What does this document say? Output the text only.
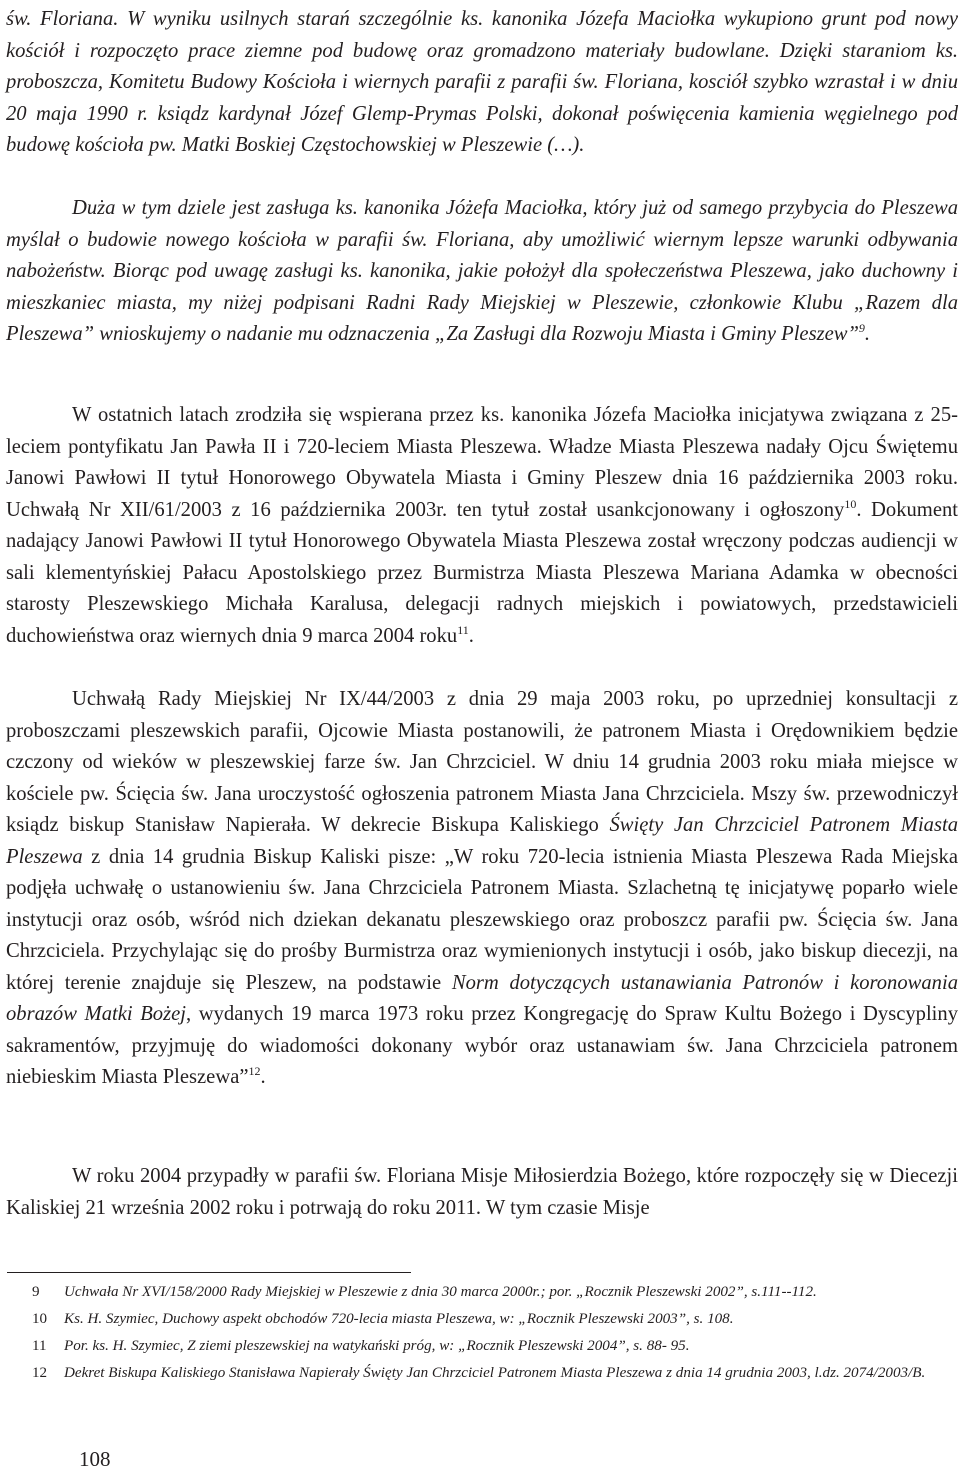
św. Floriana. W wyniku usilnych starań szczególnie ks. kanonika Józefa Maciołka wykupiono grunt pod nowy kościół i rozpoczęto prace ziemne pod budowę oraz gromadzono materiały budowlane. Dzięki staraniom ks. proboszcza, Komitetu Budowy Kościoła i wiernych parafii z parafii św. Floriana, kosciół szybko wzrastał i w dniu 20 maja 1990 r. ksiądz kardynał Józef Glemp-Prymas Polski, dokonał poświęcenia kamienia węgielnego pod budowę kościoła pw. Matki Boskiej Częstochowskiej w Pleszewie (…).

Duża w tym dziele jest zasługa ks. kanonika Jóżefa Maciołka, który już od samego przybycia do Pleszewa myślał o budowie nowego kościoła w parafii św. Floriana, aby umożliwić wiernym lepsze warunki odbywania nabożeństw. Biorąc pod uwagę zasługi ks. kanonika, jakie położył dla społeczeństwa Pleszewa, jako duchowny i mieszkaniec miasta, my niżej podpisani Radni Rady Miejskiej w Pleszewie, członkowie Klubu „Razem dla Pleszewa” wnioskujemy o nadanie mu odznaczenia „Za Zasługi dla Rozwoju Miasta i Gminy Pleszew”$^9$.

W ostatnich latach zrodziła się wspierana przez ks. kanonika Józefa Maciołka inicjatywa związana z 25-leciem pontyfikatu Jan Pawła II i 720-leciem Miasta Pleszewa. Władze Miasta Pleszewa nadały Ojcu Świętemu Janowi Pawłowi II tytuł Honorowego Obywatela Miasta i Gminy Pleszew dnia 16 października 2003 roku. Uchwałą Nr XII/61/2003 z 16 października 2003r. ten tytuł został usankcjonowany i ogłoszony$^{10}$. Dokument nadający Janowi Pawłowi II tytuł Honorowego Obywatela Miasta Pleszewa został wręczony podczas audiencji w sali klementyńskiej Pałacu Apostolskiego przez Burmistrza Miasta Pleszewa Mariana Adamka w obecności starosty Pleszewskiego Michała Karalusa, delegacji radnych miejskich i powiatowych, przedstawicieli duchowieństwa oraz wiernych dnia 9 marca 2004 roku$^{11}$.

Uchwałą Rady Miejskiej Nr IX/44/2003 z dnia 29 maja 2003 roku, po uprzedniej konsultacji z proboszczami pleszewskich parafii, Ojcowie Miasta postanowili, że patronem Miasta i Orędownikiem będzie czczony od wieków w pleszewskiej farze św. Jan Chrzciciel. W dniu 14 grudnia 2003 roku miała miejsce w kościele pw. Ścięcia św. Jana uroczystość ogłoszenia patronem Miasta Jana Chrzciciela. Mszy św. przewodniczył ksiądz biskup Stanisław Napierała. W dekrecie Biskupa Kaliskiego Święty Jan Chrzciciel Patronem Miasta Pleszewa z dnia 14 grudnia Biskup Kaliski pisze: „W roku 720-lecia istnienia Miasta Pleszewa Rada Miejska podjęła uchwałę o ustanowieniu św. Jana Chrzciciela Patronem Miasta. Szlachetną tę inicjatywę poparło wiele instytucji oraz osób, wśród nich dziekan dekanatu pleszewskiego oraz proboszcz parafii pw. Ścięcia św. Jana Chrzciciela. Przychylając się do prośby Burmistrza oraz wymienionych instytucji i osób, jako biskup diecezji, na której terenie znajduje się Pleszew, na podstawie Norm dotyczących ustanawiania Patronów i koronowania obrazów Matki Bożej, wydanych 19 marca 1973 roku przez Kongregację do Spraw Kultu Bożego i Dyscypliny sakramentów, przyjmuję do wiadomości dokonany wybór oraz ustanawiam św. Jana Chrzciciela patronem niebieskim Miasta Pleszewa”$^{12}$.

W roku 2004 przypadły w parafii św. Floriana Misje Miłosierdzia Bożego, które rozpoczęły się w Diecezji Kaliskiej 21 września 2002 roku i potrwają do roku 2011. W tym czasie Misje

9	Uchwała Nr XVI/158/2000 Rady Miejskiej w Pleszewie z dnia 30 marca 2000r.; por. „Rocznik Pleszewski 2002”, s.111--112.
10	Ks. H. Szymiec, Duchowy aspekt obchodów 720-lecia miasta Pleszewa, w: „Rocznik Pleszewski 2003”, s. 108.
11	Por. ks. H. Szymiec, Z ziemi pleszewskiej na watykański próg, w: „Rocznik Pleszewski 2004”, s. 88- 95.
12	Dekret Biskupa Kaliskiego Stanisława Napierały Święty Jan Chrzciciel Patronem Miasta Pleszewa z dnia 14 grudnia 2003, l.dz. 2074/2003/B.
108
